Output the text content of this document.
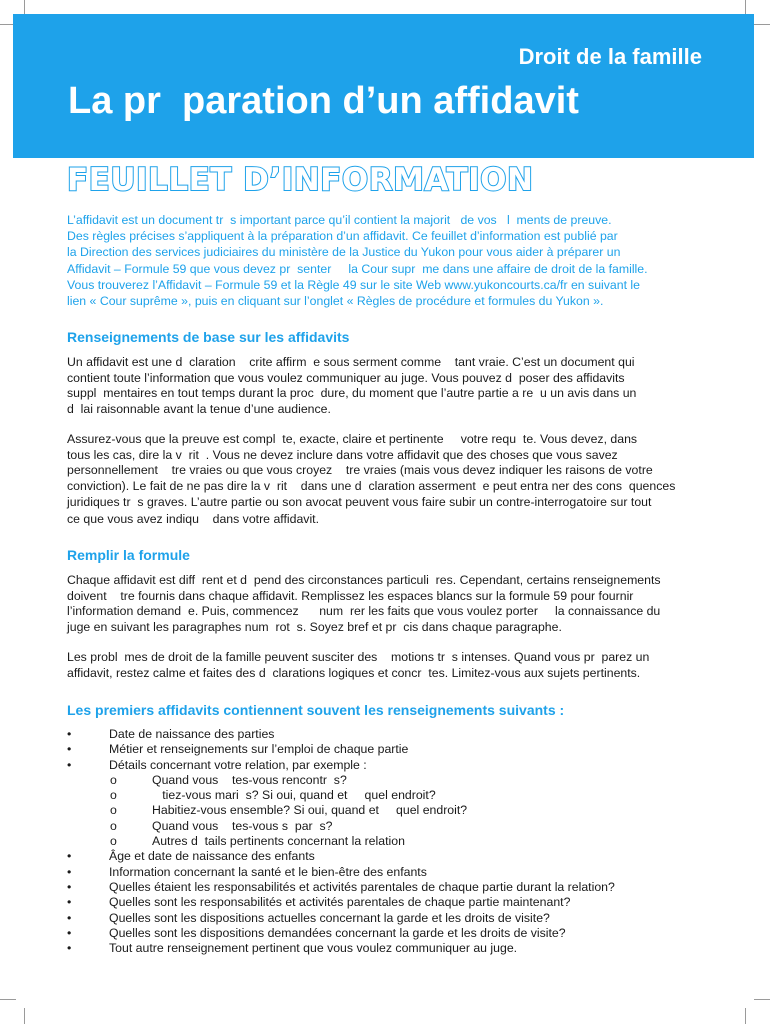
Droit de la famille
La pr  paration d’un affidavit
FEUILLET D’INFORMATION

L’affidavit est un document tr  s important parce qu’il contient la majorit   de vos   l  ments de preuve.

Des règles précises s’appliquent à la préparation d’un affidavit. Ce feuillet d’information est publié par

la Direction des services judiciaires du ministère de la Justice du Yukon pour vous aider à préparer un

Affidavit – Formule 59 que vous devez pr  senter     la Cour supr  me dans une affaire de droit de la famille.

Vous trouverez l’Affidavit – Formule 59 et la Règle 49 sur le site Web www.yukoncourts.ca/fr en suivant le

lien « Cour suprême », puis en cliquant sur l’onglet « Règles de procédure et formules du Yukon ».

Renseignements de base sur les affidavits

Un affidavit est une d  claration    crite affirm  e sous serment comme    tant vraie. C’est un document qui

contient toute l’information que vous voulez communiquer au juge. Vous pouvez d  poser des affidavits

suppl  mentaires en tout temps durant la proc  dure, du moment que l’autre partie a re  u un avis dans un

d  lai raisonnable avant la tenue d’une audience.

Assurez-vous que la preuve est compl  te, exacte, claire et pertinente     votre requ  te. Vous devez, dans

tous les cas, dire la v  rit  . Vous ne devez inclure dans votre affidavit que des choses que vous savez

personnellement    tre vraies ou que vous croyez    tre vraies (mais vous devez indiquer les raisons de votre

conviction). Le fait de ne pas dire la v  rit    dans une d  claration asserment  e peut entra ner des cons  quences

juridiques tr  s graves. L’autre partie ou son avocat peuvent vous faire subir un contre-interrogatoire sur tout

ce que vous avez indiqu    dans votre affidavit.

Remplir la formule

Chaque affidavit est diff  rent et d  pend des circonstances particuli  res. Cependant, certains renseignements

doivent    tre fournis dans chaque affidavit. Remplissez les espaces blancs sur la formule 59 pour fournir

l’information demand  e. Puis, commencez      num  rer les faits que vous voulez porter     la connaissance du

juge en suivant les paragraphes num  rot  s. Soyez bref et pr  cis dans chaque paragraphe.

Les probl  mes de droit de la famille peuvent susciter des    motions tr  s intenses. Quand vous pr  parez un

affidavit, restez calme et faites des d  clarations logiques et concr  tes. Limitez-vous aux sujets pertinents.

Les premiers affidavits contiennent souvent les renseignements suivants :
•	Date de naissance des parties
•	Métier et renseignements sur l’emploi de chaque partie
•	Détails concernant votre relation, par exemple :
o	Quand vous    tes-vous rencontr  s?
o	tiez-vous mari  s? Si oui, quand et     quel endroit?
o	Habitiez-vous ensemble? Si oui, quand et     quel endroit?
o	Quand vous    tes-vous s  par  s?
o	Autres d  tails pertinents concernant la relation
•	Âge et date de naissance des enfants
•	Information concernant la santé et le bien-être des enfants
•	Quelles étaient les responsabilités et activités parentales de chaque partie durant la relation?
•	Quelles sont les responsabilités et activités parentales de chaque partie maintenant?
•	Quelles sont les dispositions actuelles concernant la garde et les droits de visite?
•	Quelles sont les dispositions demandées concernant la garde et les droits de visite?
•	Tout autre renseignement pertinent que vous voulez communiquer au juge.
